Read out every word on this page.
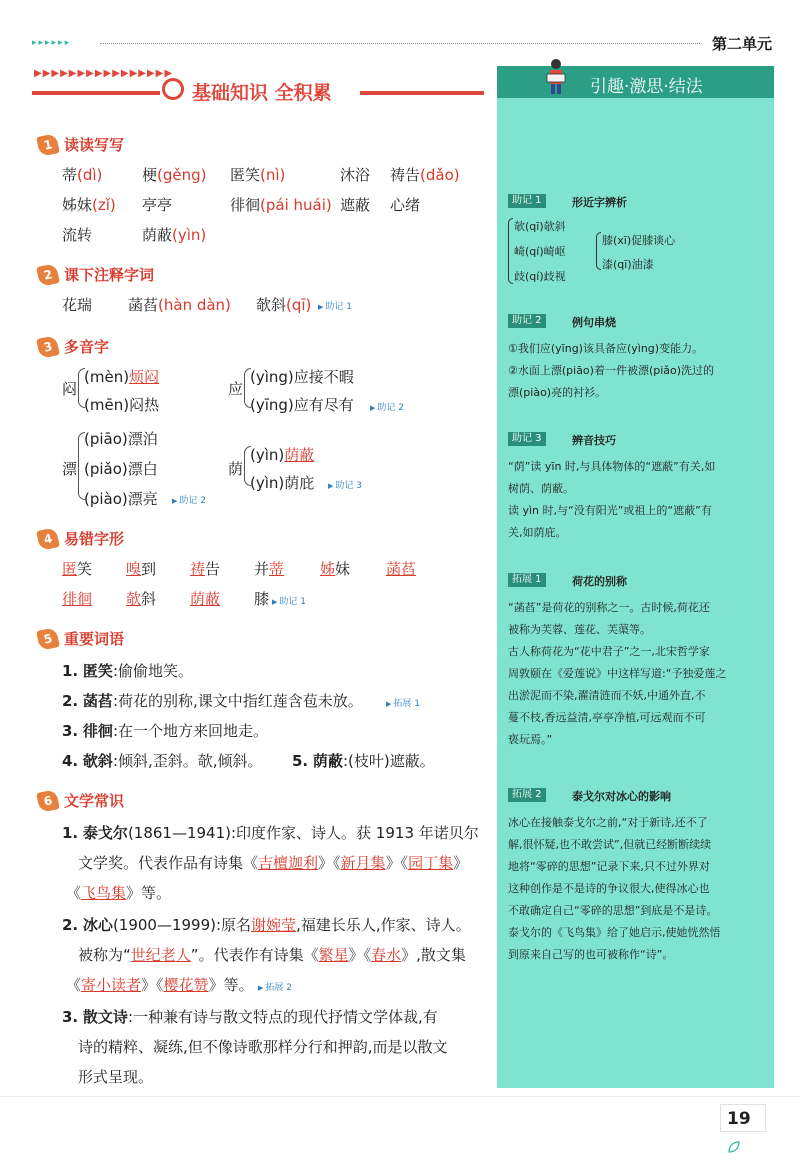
▸▸▸▸▸▸	第二单元
▶▶▶▶▶▶▶▶▶▶▶▶▶▶▶▶
基础知识 全积累
1 读读写写
蒂(dì)	梗(gěng) 匿笑(nì)	沐浴 祷告(dǎo)
姊妹(zǐ) 亭亭	徘徊(pái huái) 遮蔽 心绪
流转	荫蔽(yìn)
2 课下注释字词
花瑞 菡萏(hàn dàn) 欹斜(qī)	▶ 助记 1
3 多音字
闷
(mèn)烦闷
(mēn)闷热
应
(yìng)应接不暇
(yīng)应有尽有	▶ 助记 2
漂
(piāo)漂泊
(piǎo)漂白
(piào)漂亮	▶ 助记 2
荫
(yìn)荫蔽
(yìn)荫庇	▶ 助记 3
4 易错字形
匿笑 嗅到 祷告 并蒂 姊妹 菡萏
徘徊 欹斜 荫蔽 膝	▶ 助记 1
5 重要词语
1. 匿笑:偷偷地笑。
2. 菡萏:荷花的别称,课文中指红莲含苞未放。	▶ 拓展 1
3. 徘徊:在一个地方来回地走。
4. 欹斜:倾斜,歪斜。欹,倾斜。 5. 荫蔽:(枝叶)遮蔽。
6 文学常识
1. 泰戈尔(1861—1941):印度作家、诗人。获 1913 年诺贝尔
文学奖。代表作品有诗集《吉檀迦利》《新月集》《园丁集》
《飞鸟集》等。
2. 冰心(1900—1999):原名谢婉莹,福建长乐人,作家、诗人。
被称为“世纪老人”。代表作有诗集《繁星》《春水》,散文集
《寄小读者》《樱花赞》等。	▶ 拓展 2
3. 散文诗:一种兼有诗与散文特点的现代抒情文学体裁,有
诗的精粹、凝练,但不像诗歌那样分行和押韵,而是以散文
形式呈现。
引趣·激思·结法
助记 1	形近字辨析
欹(qī)欹斜
崎(qí)崎岖
歧(qí)歧视
膝(xī)促膝谈心
漆(qī)油漆
助记 2	例句串烧
①我们应(yīng)该具备应(yìng)变能力。
②水面上漂(piāo)着一件被漂(piǎo)洗过的
漂(piào)亮的衬衫。
助记 3	辨音技巧
“荫”读 yīn 时,与具体物体的“遮蔽”有关,如
树荫、荫蔽。
读 yìn 时,与“没有阳光”或祖上的“遮蔽”有
关,如荫庇。
拓展 1	荷花的别称
“菡萏”是荷花的别称之一。古时候,荷花还
被称为芙蓉、莲花、芙蕖等。
古人称荷花为“花中君子”之一,北宋哲学家
周敦颐在《爱莲说》中这样写道:“予独爱莲之
出淤泥而不染,濯清涟而不妖,中通外直,不
蔓不枝,香远益清,亭亭净植,可远观而不可
亵玩焉。”
拓展 2	泰戈尔对冰心的影响
冰心在接触泰戈尔之前,“对于新诗,还不了
解,很怀疑,也不敢尝试”,但就已经断断续续
地将“零碎的思想”记录下来,只不过外界对
这种创作是不是诗的争议很大,使得冰心也
不敢确定自己“零碎的思想”到底是不是诗。
泰戈尔的《飞鸟集》给了她启示,使她恍然悟
到原来自己写的也可被称作“诗”。
19
